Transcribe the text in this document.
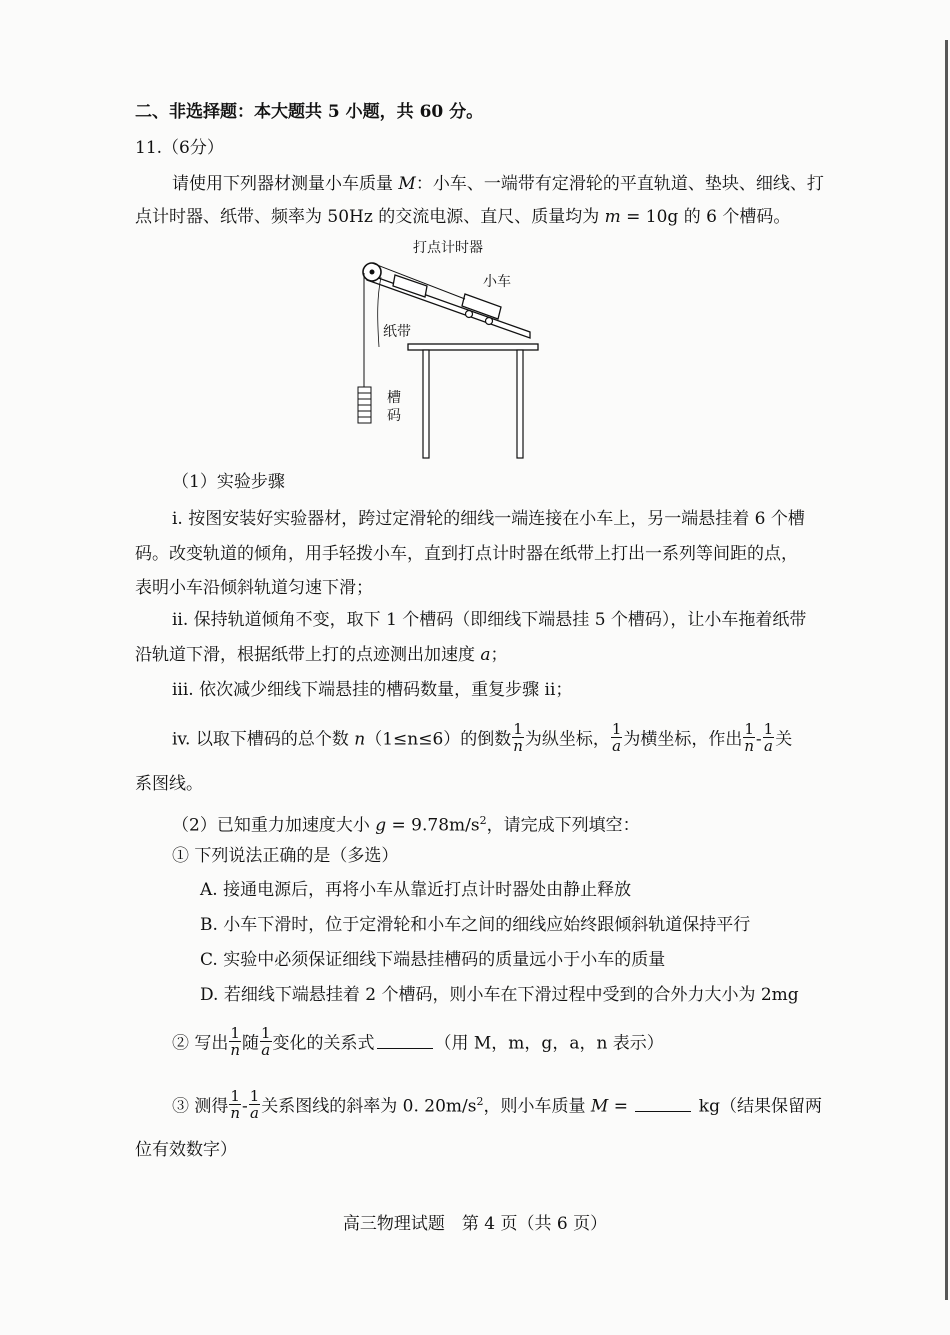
二、非选择题：本大题共 5 小题，共 60 分。
11.（6分）
请使用下列器材测量小车质量 M：小车、一端带有定滑轮的平直轨道、垫块、细线、打
点计时器、纸带、频率为 50Hz 的交流电源、直尺、质量均为 m = 10g 的 6 个槽码。
打点计时器
小车
纸带
槽
码
（1）实验步骤
i. 按图安装好实验器材，跨过定滑轮的细线一端连接在小车上，另一端悬挂着 6 个槽
码。改变轨道的倾角，用手轻拨小车，直到打点计时器在纸带上打出一系列等间距的点，
表明小车沿倾斜轨道匀速下滑；
ii. 保持轨道倾角不变，取下 1 个槽码（即细线下端悬挂 5 个槽码），让小车拖着纸带
沿轨道下滑，根据纸带上打的点迹测出加速度 a；
iii. 依次减少细线下端悬挂的槽码数量，重复步骤 ii；
iv. 以取下槽码的总个数 n（1≤n≤6）的倒数 $\frac{1}{n}$ 为纵坐标， $\frac{1}{a}$ 为横坐标，作出 $\frac{1}{n} - \frac{1}{a}$ 关
系图线。
（2）已知重力加速度大小 $g = 9.78m/s^2$，请完成下列填空：
① 下列说法正确的是（多选）
A. 接通电源后，再将小车从靠近打点计时器处由静止释放
B. 小车下滑时，位于定滑轮和小车之间的细线应始终跟倾斜轨道保持平行
C. 实验中必须保证细线下端悬挂槽码的质量远小于小车的质量
D. 若细线下端悬挂着 2 个槽码，则小车在下滑过程中受到的合外力大小为 2mg
② 写出 $\frac{1}{n}$ 随 $\frac{1}{a}$ 变化的关系式	（用 M，m，g，a，n 表示）
③ 测得 $\frac{1}{n} - \frac{1}{a}$ 关系图线的斜率为 0. $20m/s^2$，则小车质量 M =	kg（结果保留两
位有效数字）
高三物理试题　第 4 页（共 6 页）
